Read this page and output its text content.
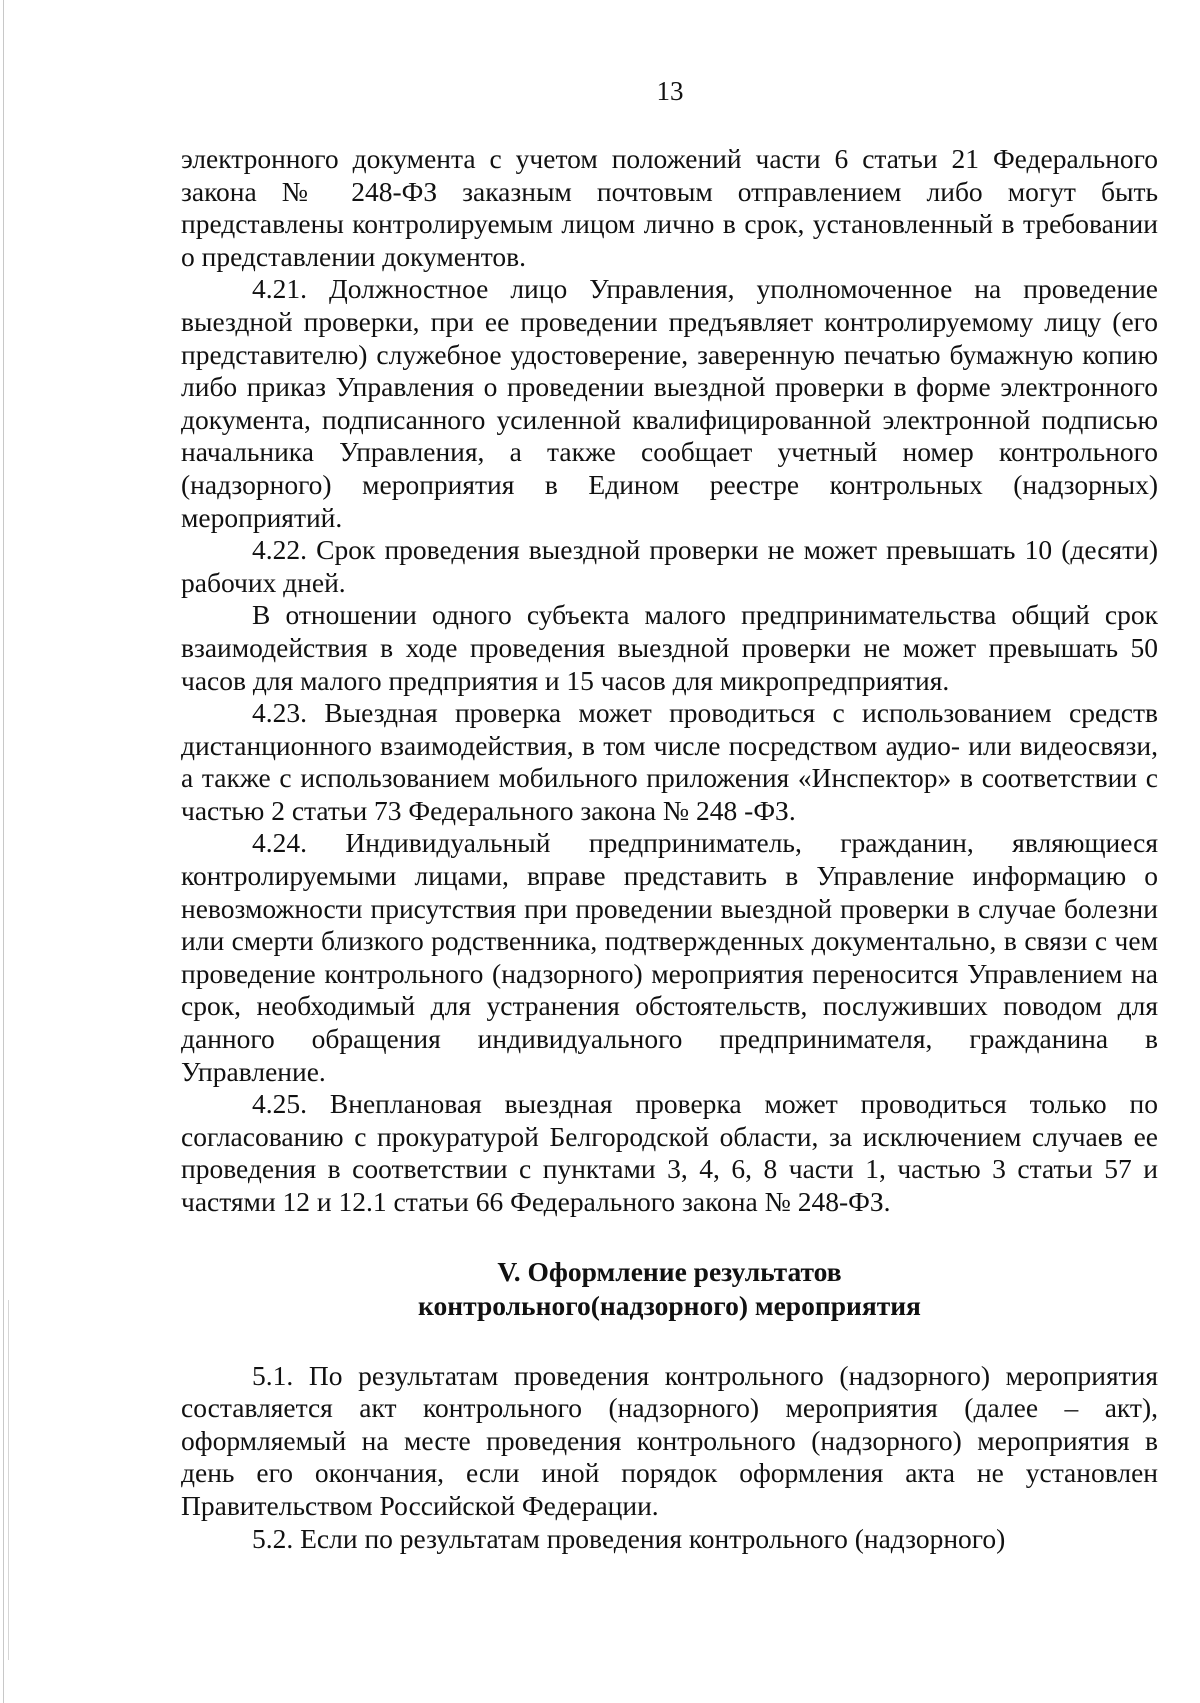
13

электронного документа с учетом положений части 6 статьи 21 Федерального закона № 248-ФЗ заказным почтовым отправлением либо могут быть представлены контролируемым лицом лично в срок, установленный в требовании о представлении документов.

4.21. Должностное лицо Управления, уполномоченное на проведение выездной проверки, при ее проведении предъявляет контролируемому лицу (его представителю) служебное удостоверение, заверенную печатью бумажную копию либо приказ Управления о проведении выездной проверки в форме электронного документа, подписанного усиленной квалифицированной электронной подписью начальника Управления, а также сообщает учетный номер контрольного (надзорного) мероприятия в Едином реестре контрольных (надзорных) мероприятий.

4.22. Срок проведения выездной проверки не может превышать 10 (десяти) рабочих дней.

В отношении одного субъекта малого предпринимательства общий срок взаимодействия в ходе проведения выездной проверки не может превышать 50 часов для малого предприятия и 15 часов для микропредприятия.

4.23. Выездная проверка может проводиться с использованием средств дистанционного взаимодействия, в том числе посредством аудио- или видеосвязи, а также с использованием мобильного приложения «Инспектор» в соответствии с частью 2 статьи 73 Федерального закона № 248 -ФЗ.

4.24. Индивидуальный предприниматель, гражданин, являющиеся контролируемыми лицами, вправе представить в Управление информацию о невозможности присутствия при проведении выездной проверки в случае болезни или смерти близкого родственника, подтвержденных документально, в связи с чем проведение контрольного (надзорного) мероприятия переносится Управлением на срок, необходимый для устранения обстоятельств, послуживших поводом для данного обращения индивидуального предпринимателя, гражданина в Управление.

4.25. Внеплановая выездная проверка может проводиться только по согласованию с прокуратурой Белгородской области, за исключением случаев ее проведения в соответствии с пунктами 3, 4, 6, 8 части 1, частью 3 статьи 57 и частями 12 и 12.1 статьи 66 Федерального закона № 248-ФЗ.

V. Оформление результатов
контрольного(надзорного) мероприятия

5.1. По результатам проведения контрольного (надзорного) мероприятия составляется акт контрольного (надзорного) мероприятия (далее – акт), оформляемый на месте проведения контрольного (надзорного) мероприятия в день его окончания, если иной порядок оформления акта не установлен Правительством Российской Федерации.

5.2. Если по результатам проведения контрольного (надзорного)
